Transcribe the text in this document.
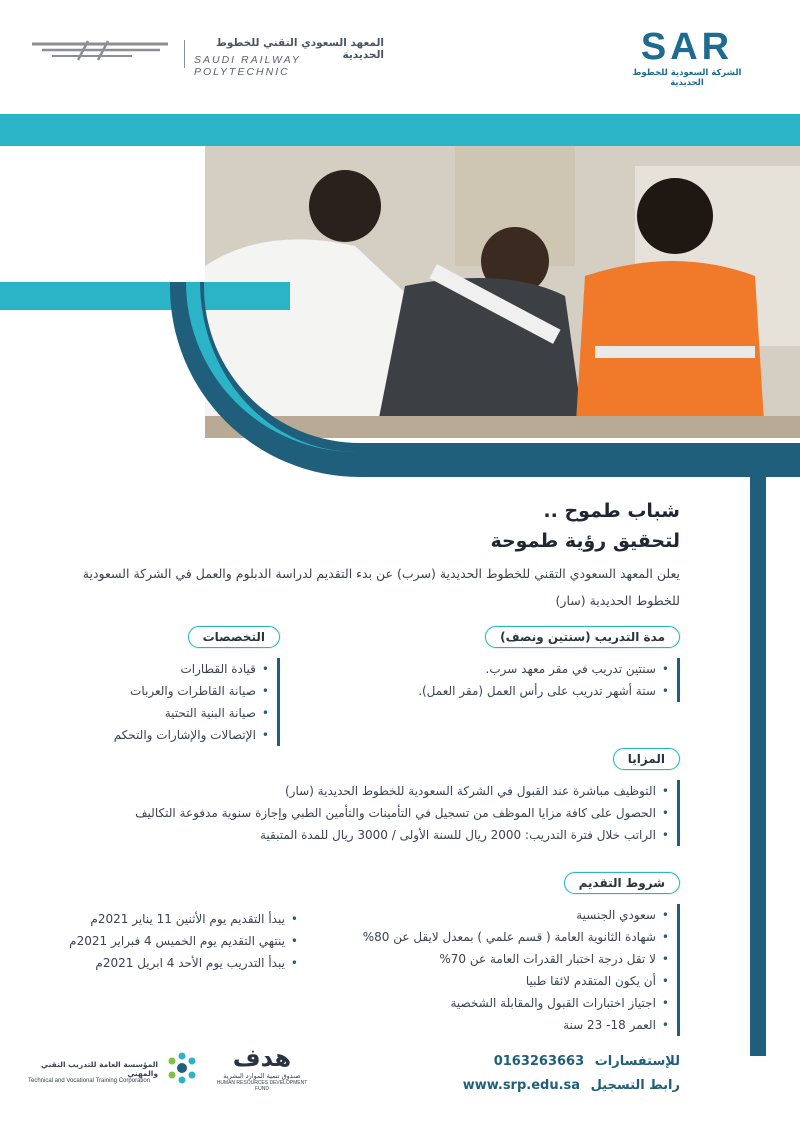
المعهد السعودي التقني للخطوط الحديدية
SAUDI RAILWAY POLYTECHNIC
SAR
الشركة السعودية للخطوط الحديدية
شباب طموح ..
لتحقيق رؤية طموحة
يعلن المعهد السعودي التقني للخطوط الحديدية (سرب) عن بدء التقديم لدراسة الدبلوم والعمل في الشركة السعودية للخطوط الحديدية (سار)
مدة التدريب (سنتين ونصف)
• سنتين تدريب في مقر معهد سرب.
• ستة أشهر تدريب على رأس العمل (مقر العمل).
التخصصات
• قيادة القطارات
• صيانة القاطرات والعربات
• صيانة البنية التحتية
• الإتصالات والإشارات والتحكم
المزايا
• التوظيف مباشرة عند القبول في الشركة السعودية للخطوط الحديدية (سار)
• الحصول على كافة مزايا الموظف من تسجيل في التأمينات والتأمين الطبي وإجازة سنوية مدفوعة التكاليف
• الراتب خلال فترة التدريب: 2000 ريال للسنة الأولى / 3000 ريال للمدة المتبقية
شروط التقديم
• سعودي الجنسية
• شهادة الثانوية العامة ( قسم علمي ) بمعدل لايقل عن 80%
• لا تقل درجة اختبار القدرات العامة عن 70%
• أن يكون المتقدم لائقا طبيا
• اجتياز اختبارات القبول والمقابلة الشخصية
• العمر 18- 23 سنة
• يبدأ التقديم يوم الأثنين 11 يناير 2021م
• ينتهي التقديم يوم الخميس 4 فبراير 2021م
• يبدأ التدريب يوم الأحد 4 ابريل 2021م
للإستفسارات 0163263663
رابط التسجيل www.srp.edu.sa
المؤسسة العامة للتدريب التقني والمهني
Technical and Vocational Training Corporation
هدف
صندوق تنمية الموارد البشرية
HUMAN RESOURCES DEVELOPMENT FUND
